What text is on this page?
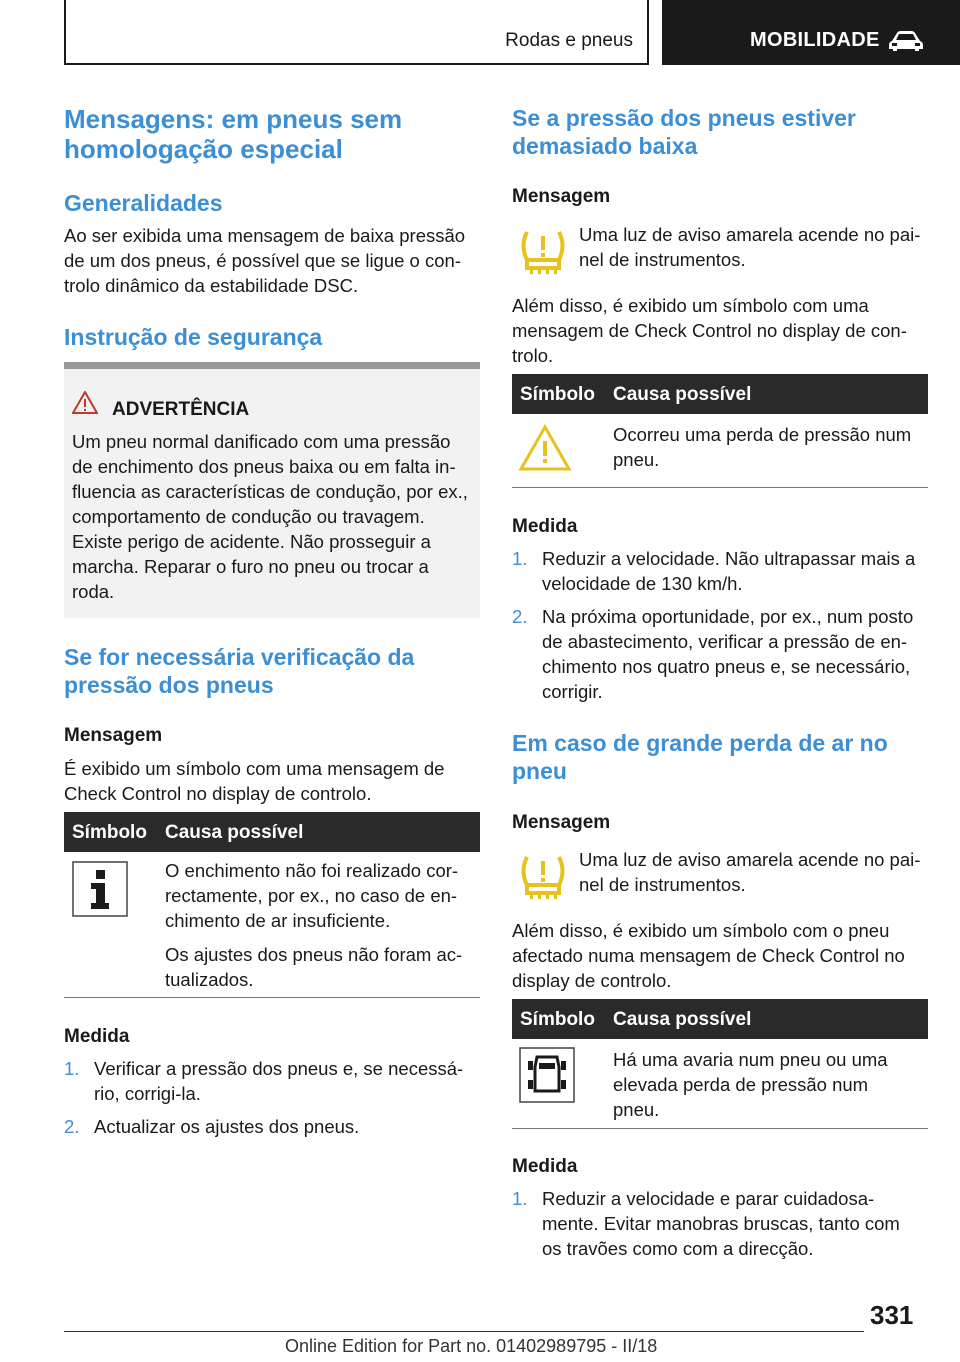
Rodas e pneus	MOBILIDADE
Mensagens: em pneus sem
homologação especial
Generalidades
Ao ser exibida uma mensagem de baixa pressão
de um dos pneus, é possível que se ligue o con-
trolo dinâmico da estabilidade DSC.
Instrução de segurança
ADVERTÊNCIA
Um pneu normal danificado com uma pressão
de enchimento dos pneus baixa ou em falta in-
fluencia as características de condução, por ex.,
comportamento de condução ou travagem.
Existe perigo de acidente. Não prosseguir a
marcha. Reparar o furo no pneu ou trocar a
roda.
Se for necessária verificação da
pressão dos pneus
Mensagem
É exibido um símbolo com uma mensagem de
Check Control no display de controlo.
Símbolo Causa possível
O enchimento não foi realizado cor-
rectamente, por ex., no caso de en-
chimento de ar insuficiente.
Os ajustes dos pneus não foram ac-
tualizados.
Medida
1. Verificar a pressão dos pneus e, se necessá-
rio, corrigi-la.
2. Actualizar os ajustes dos pneus.
Se a pressão dos pneus estiver
demasiado baixa
Mensagem
Uma luz de aviso amarela acende no pai-
nel de instrumentos.
Além disso, é exibido um símbolo com uma
mensagem de Check Control no display de con-
trolo.
Símbolo Causa possível
Ocorreu uma perda de pressão num
pneu.
Medida
1. Reduzir a velocidade. Não ultrapassar mais a
velocidade de 130 km/h.
2. Na próxima oportunidade, por ex., num posto
de abastecimento, verificar a pressão de en-
chimento nos quatro pneus e, se necessário,
corrigir.
Em caso de grande perda de ar no
pneu
Mensagem
Uma luz de aviso amarela acende no pai-
nel de instrumentos.
Além disso, é exibido um símbolo com o pneu
afectado numa mensagem de Check Control no
display de controlo.
Símbolo Causa possível
Há uma avaria num pneu ou uma
elevada perda de pressão num
pneu.
Medida
1. Reduzir a velocidade e parar cuidadosa-
mente. Evitar manobras bruscas, tanto com
os travões como com a direcção.
331
Online Edition for Part no. 01402989795 - II/18
